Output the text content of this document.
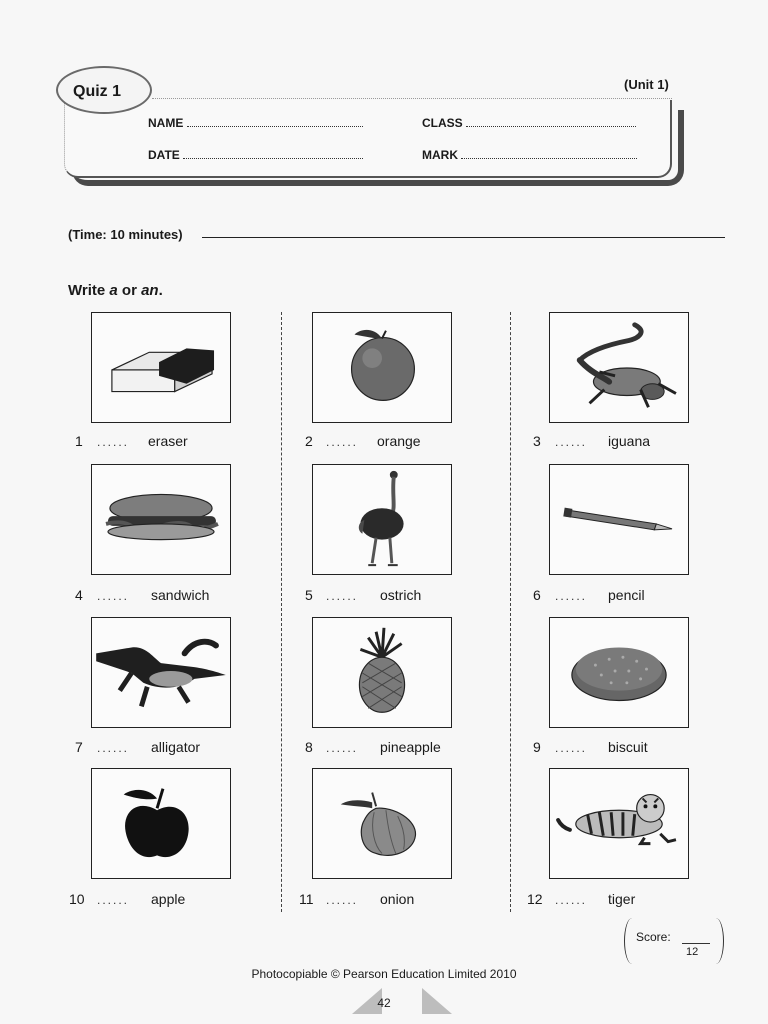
Quiz 1	(Unit 1)
NAME	CLASS
DATE	MARK
(Time: 10 minutes)
Write a or an.
1 ...... eraser	2 ...... orange	3 ...... iguana
4 ...... sandwich	5 ...... ostrich	6 ...... pencil
7 ...... alligator	8 ...... pineapple	9 ...... biscuit
10 ...... apple	11 ...... onion	12 ...... tiger
Score:
12
Photocopiable © Pearson Education Limited 2010
42
